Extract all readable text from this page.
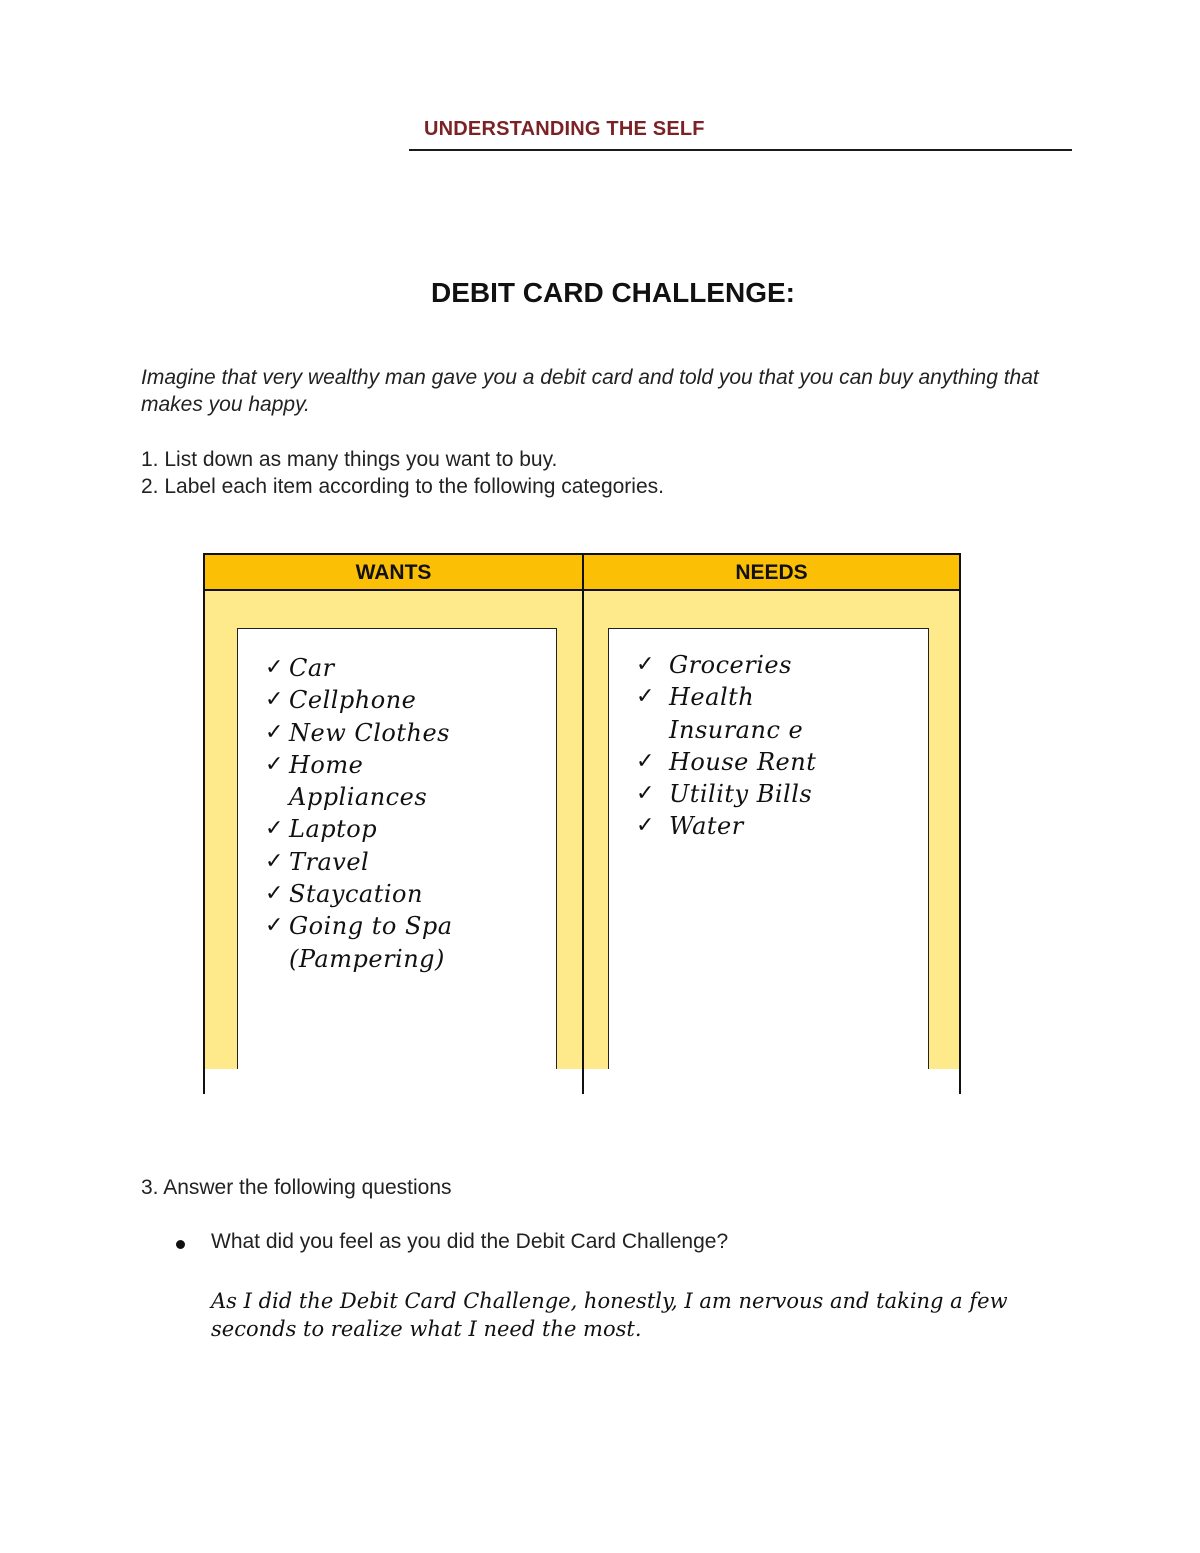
UNDERSTANDING THE SELF
DEBIT CARD CHALLENGE:
Imagine that very wealthy man gave you a debit card and told you that you can buy anything that makes you happy.
1. List down as many things you want to buy.
2. Label each item according to the following categories.
WANTS
✓ Car
✓ Cellphone
✓ New Clothes
✓ Home Appliances
✓ Laptop
✓ Travel
✓ Staycation
✓ Going to Spa (Pampering)
NEEDS
✓ Groceries
✓ Health Insuranc e
✓ House Rent
✓ Utility Bills
✓ Water
3. Answer the following questions
What did you feel as you did the Debit Card Challenge?
As I did the Debit Card Challenge, honestly, I am nervous and taking a few seconds to realize what I need the most.
